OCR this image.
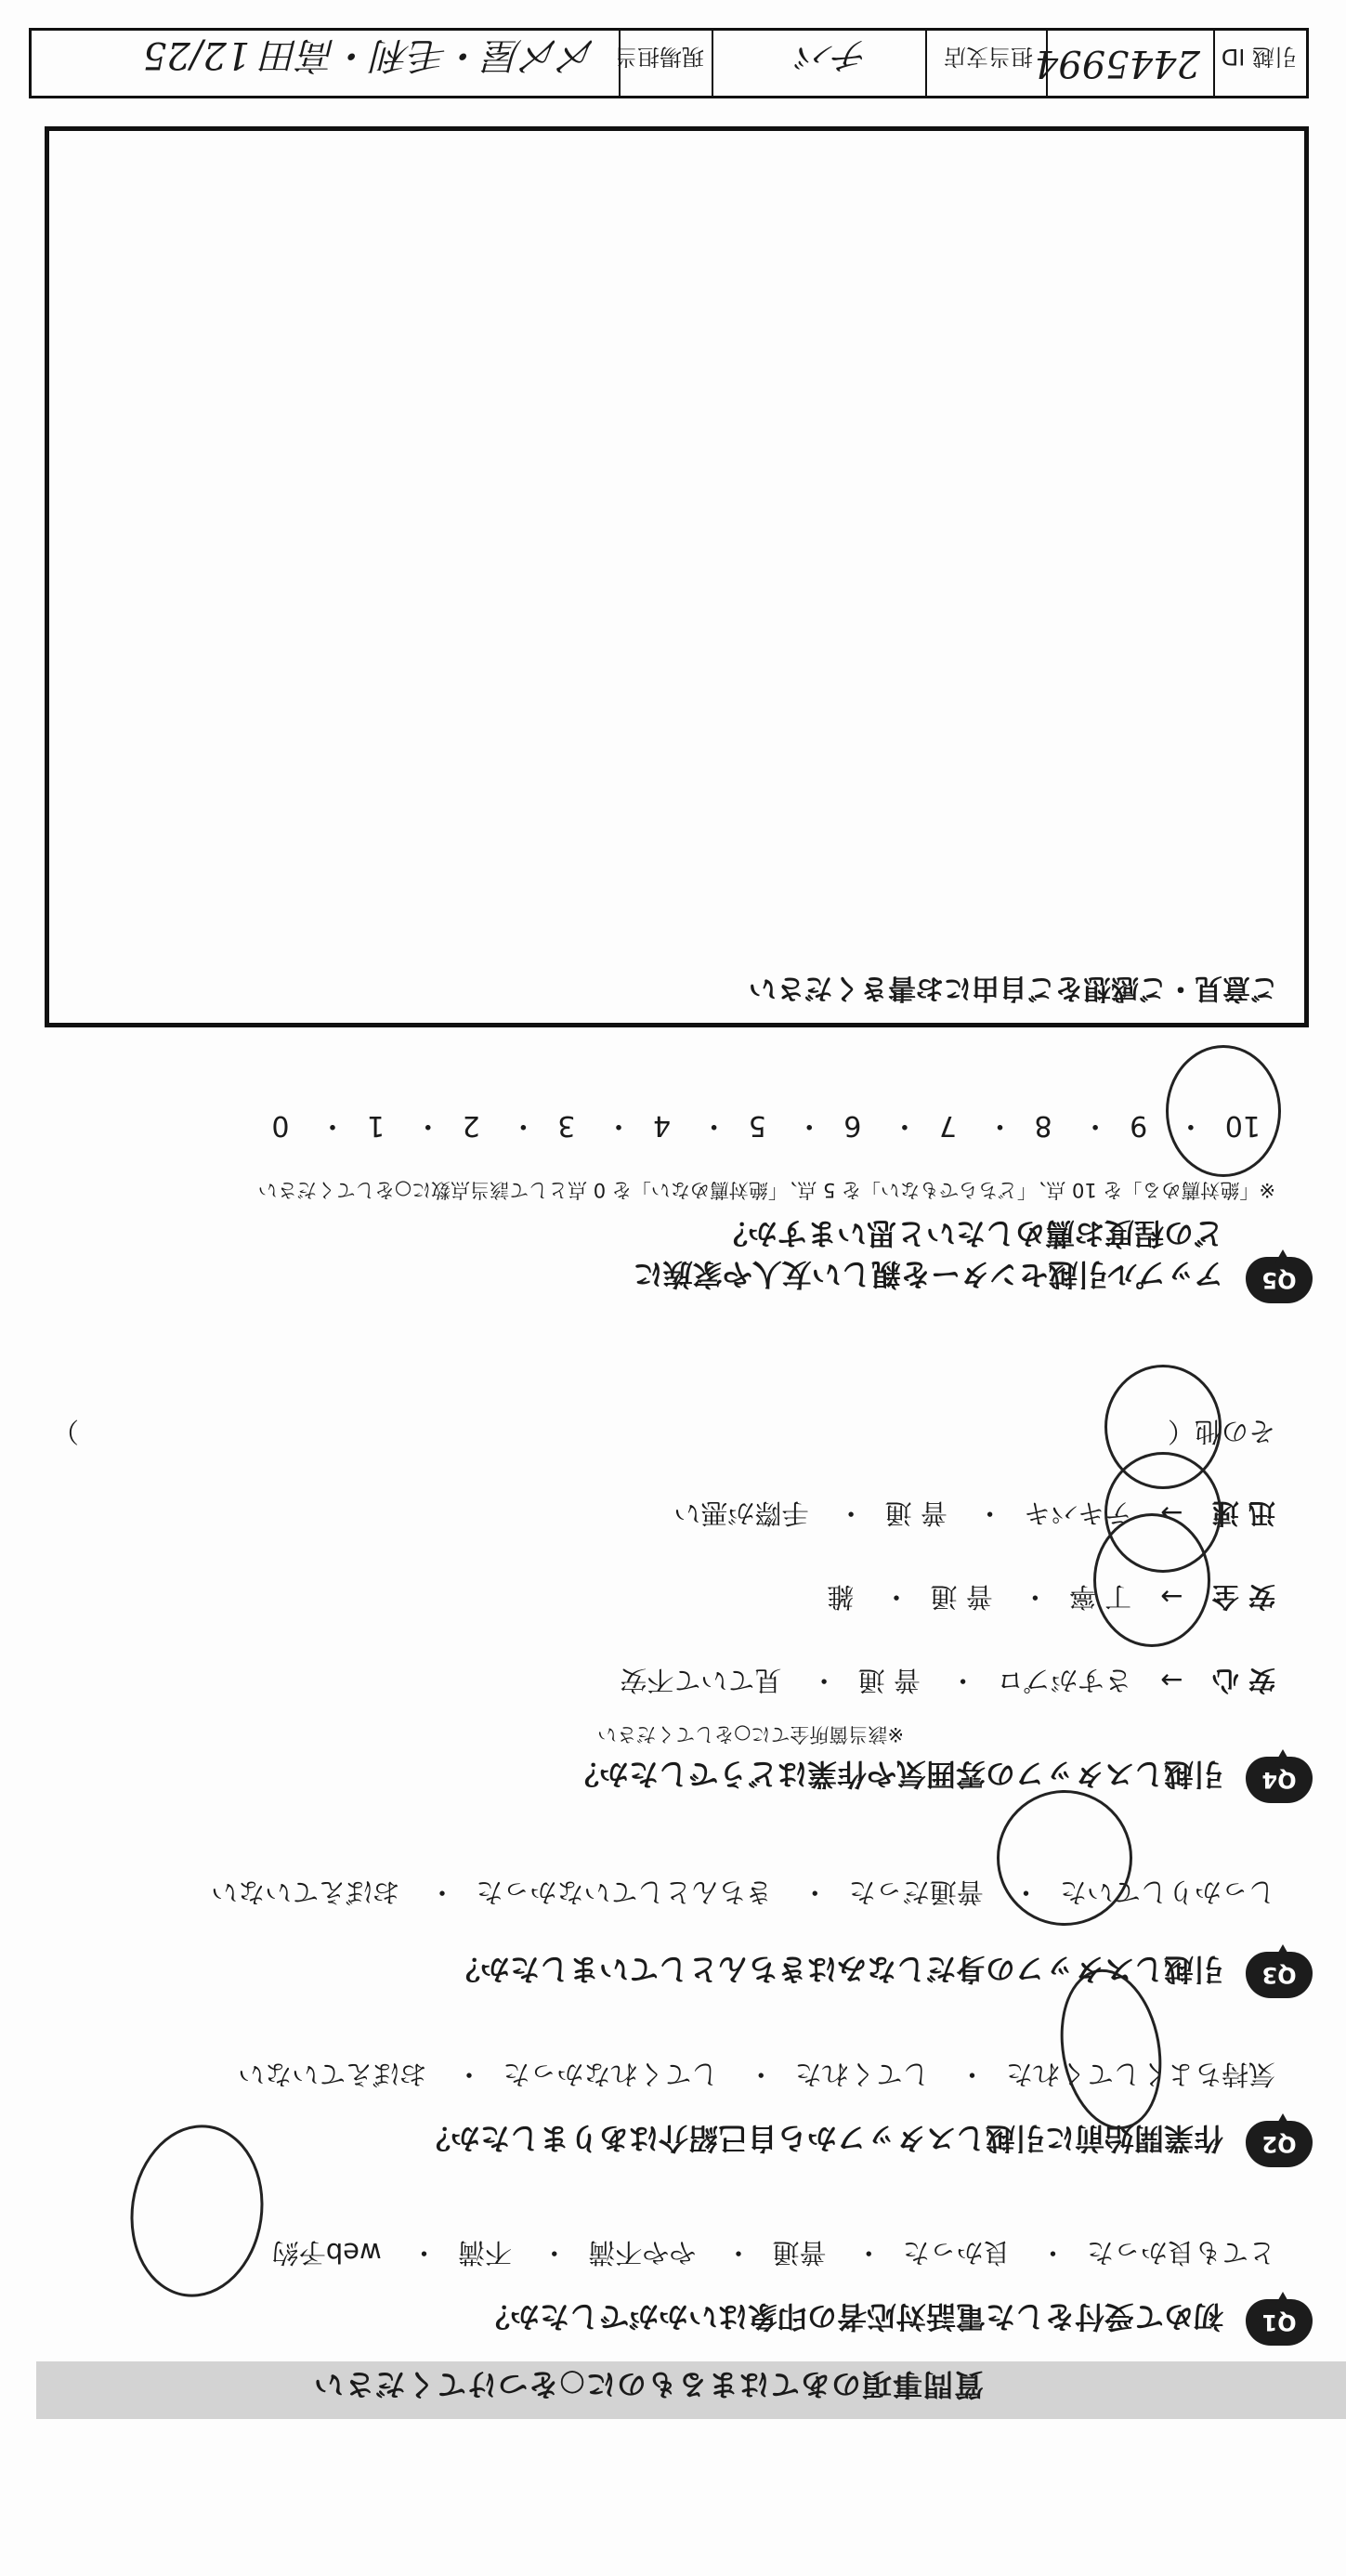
質問事項のあてはまるものに○をつけてください
Q1
初めて受付をした電話対応者の印象はいかがでしたか？
とても良かった・ 良かった・ 普通・ やや不満・ 不満・ web予約
Q2
作業開始前に引越しスタッフから自己紹介はありましたか？
気持ちよくしてくれた・ してくれた・ してくれなかった・ おぼえていない
Q3
引越しスタッフの身だしなみはきちんとしていましたか？
しっかりしていた・ 普通だった・ きちんとしていなかった・ おぼえていない
Q4
引越しスタッフの雰囲気や作業はどうでしたか？
※該当箇所全てに○をしてください
安 心 → さすがプロ・ 普 通・ 見ていて不安
安 全 → 丁 寧・ 普 通・ 雑
迅 速 → テキパキ・ 普 通・ 手際が悪い
その他（
）
Q5
アップル引越センターを親しい友人や家族に
どの程度お薦めしたいと思いますか？
※「絶対薦める」を 10 点、「どちらでもない」を 5 点、「絶対薦めない」を 0 点として該当点数に○をしてください
10・ 9・ 8・ 7・ 6・ 5・ 4・ 3・ 2・ 1・ 0
ご意見・ご感想をご自由にお書きください
引越 ID
2445994
担当支店
チバ
現場担当
〆〆屋・毛利・高田 12/25
